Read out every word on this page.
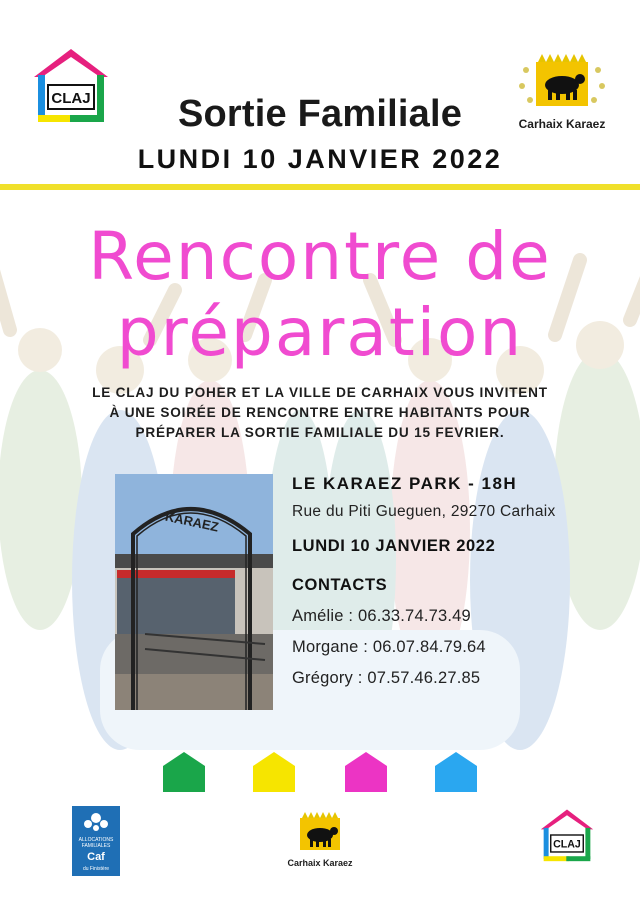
CLAJ
Carhaix Karaez
Sortie Familiale
LUNDI 10 JANVIER 2022
Rencontre de
préparation
LE CLAJ DU POHER ET LA VILLE DE CARHAIX VOUS INVITENT
À UNE SOIRÉE DE RENCONTRE ENTRE HABITANTS POUR
PRÉPARER LA SORTIE FAMILIALE DU 15 FEVRIER.
KARAEZ
LE KARAEZ PARK - 18H
Rue du Piti Gueguen, 29270 Carhaix
LUNDI 10 JANVIER 2022
CONTACTS
Amélie : 06.33.74.73.49
Morgane : 06.07.84.79.64
Grégory : 07.57.46.27.85
ALLOCATIONS
FAMILIALES
Caf
du Finistère
Carhaix Karaez
CLAJ
